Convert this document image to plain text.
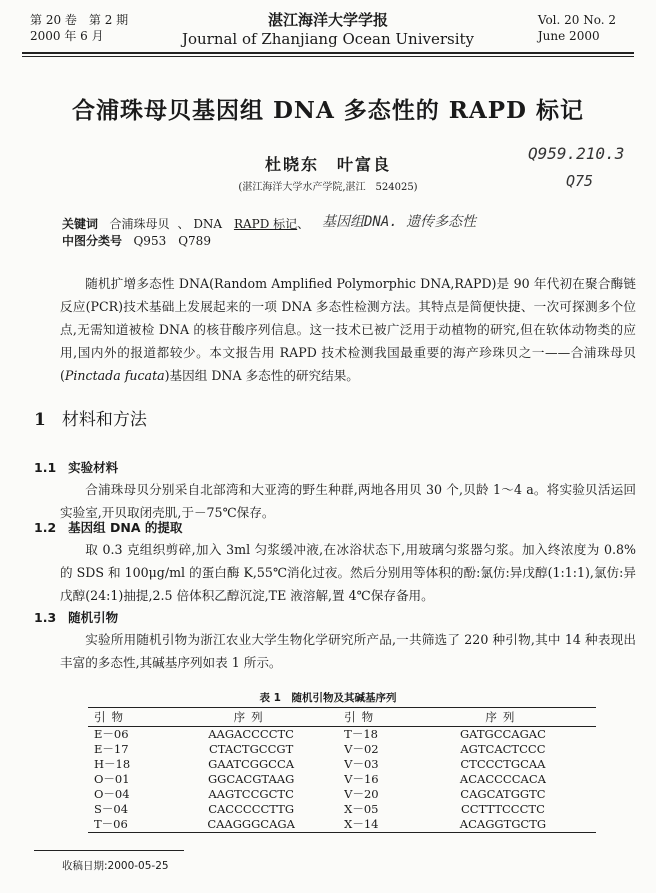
第 20 卷　第 2 期
2000 年 6 月
湛江海洋大学学报
Journal of Zhanjiang Ocean University
Vol. 20 No. 2
June 2000
合浦珠母贝基因组 DNA 多态性的 RAPD 标记
Q959.210.3
Q75
杜晓东　叶富良
(湛江海洋大学水产学院,湛江　524025)
关键词 合浦珠母贝 、 DNA RAPD 标记、
中图分类号 Q953　Q789
基因组DNA. 遗传多态性
随机扩增多态性 DNA(Random Amplified Polymorphic DNA,RAPD)是 90 年代初在聚合酶链反应(PCR)技术基础上发展起来的一项 DNA 多态性检测方法。其特点是简便快捷、一次可探测多个位点,无需知道被检 DNA 的核苷酸序列信息。这一技术已被广泛用于动植物的研究,但在软体动物类的应用,国内外的报道都较少。本文报告用 RAPD 技术检测我国最重要的海产珍珠贝之一——合浦珠母贝(Pinctada fucata)基因组 DNA 多态性的研究结果。
1 材料和方法
1.1 实验材料
合浦珠母贝分别采自北部湾和大亚湾的野生种群,两地各用贝 30 个,贝龄 1～4 a。将实验贝活运回实验室,开贝取闭壳肌,于－75℃保存。
1.2 基因组 DNA 的提取
取 0.3 克组织剪碎,加入 3ml 匀浆缓冲液,在冰浴状态下,用玻璃匀浆器匀浆。加入终浓度为 0.8% 的 SDS 和 100μg/ml 的蛋白酶 K,55℃消化过夜。然后分别用等体积的酚:氯仿:异戊醇(1:1:1),氯仿:异戊醇(24:1)抽提,2.5 倍体积乙醇沉淀,TE 液溶解,置 4℃保存备用。
1.3 随机引物
实验所用随机引物为浙江农业大学生物化学研究所产品,一共筛选了 220 种引物,其中 14 种表现出丰富的多态性,其碱基序列如表 1 所示。
表 1　随机引物及其碱基序列
引物	序列	引物	序列
E－06	AAGACCCCTC	T－18	GATGCCAGAC
E－17	CTACTGCCGT	V－02	AGTCACTCCC
H－18	GAATCGGCCA	V－03	CTCCCTGCAA
O－01	GGCACGTAAG	V－16	ACACCCCACA
O－04	AAGTCCGCTC	V－20	CAGCATGGTC
S－04	CACCCCCTTG	X－05	CCTTTCCCTC
T－06	CAAGGGCAGA	X－14	ACAGGTGCTG
收稿日期:2000-05-25
